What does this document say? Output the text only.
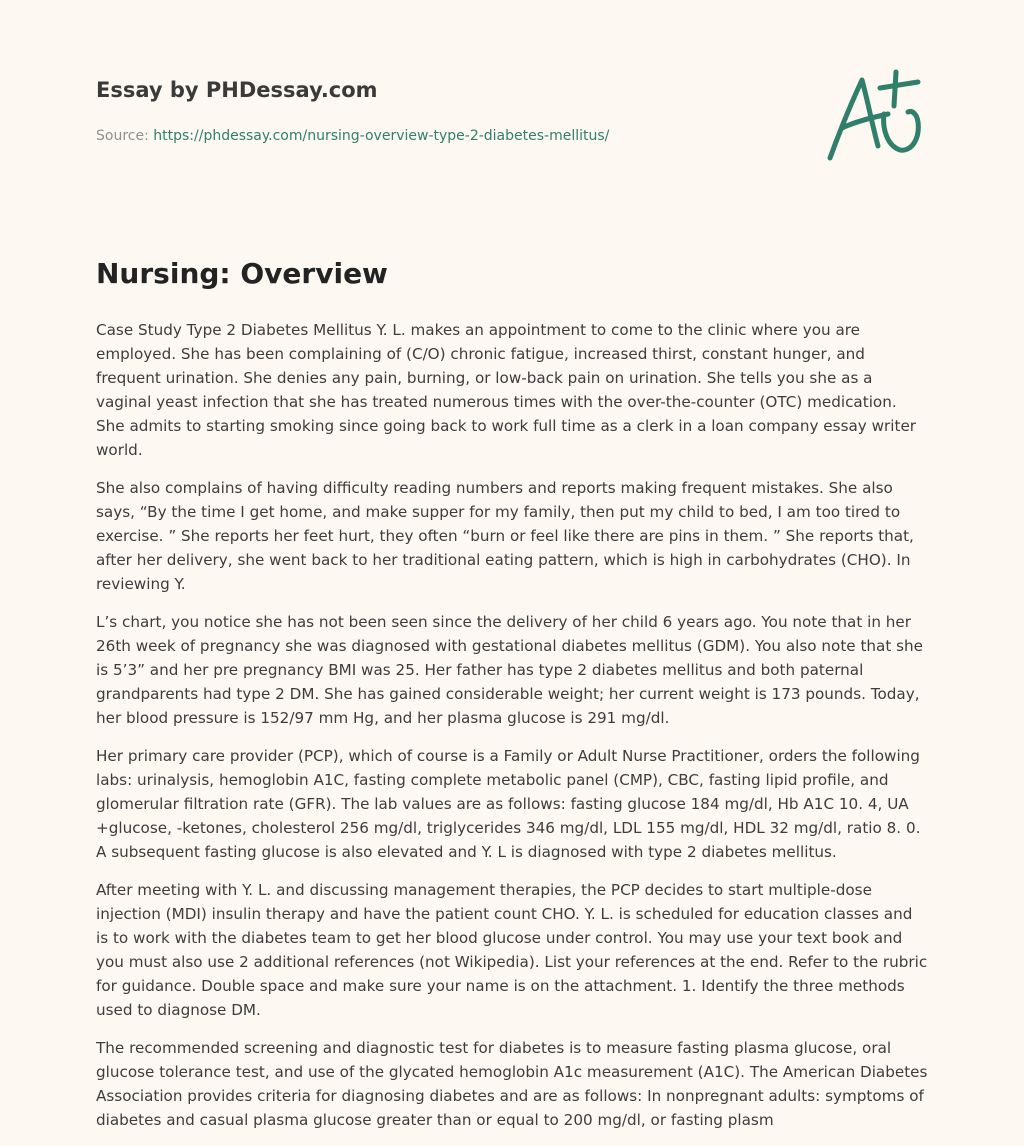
Essay by PHDessay.com
Source: https://phdessay.com/nursing-overview-type-2-diabetes-mellitus/
Nursing: Overview

Case Study Type 2 Diabetes Mellitus Y. L. makes an appointment to come to the clinic where you are employed. She has been complaining of (C/O) chronic fatigue, increased thirst, constant hunger, and frequent urination. She denies any pain, burning, or low-back pain on urination. She tells you she as a vaginal yeast infection that she has treated numerous times with the over-the-counter (OTC) medication. She admits to starting smoking since going back to work full time as a clerk in a loan company essay writer world.

She also complains of having difficulty reading numbers and reports making frequent mistakes. She also says, “By the time I get home, and make supper for my family, then put my child to bed, I am too tired to exercise. ” She reports her feet hurt, they often “burn or feel like there are pins in them. ” She reports that, after her delivery, she went back to her traditional eating pattern, which is high in carbohydrates (CHO). In reviewing Y.

L’s chart, you notice she has not been seen since the delivery of her child 6 years ago. You note that in her 26th week of pregnancy she was diagnosed with gestational diabetes mellitus (GDM). You also note that she is 5’3” and her pre pregnancy BMI was 25. Her father has type 2 diabetes mellitus and both paternal grandparents had type 2 DM. She has gained considerable weight; her current weight is 173 pounds. Today, her blood pressure is 152/97 mm Hg, and her plasma glucose is 291 mg/dl.

Her primary care provider (PCP), which of course is a Family or Adult Nurse Practitioner, orders the following labs: urinalysis, hemoglobin A1C, fasting complete metabolic panel (CMP), CBC, fasting lipid profile, and glomerular filtration rate (GFR). The lab values are as follows: fasting glucose 184 mg/dl, Hb A1C 10. 4, UA +glucose, -ketones, cholesterol 256 mg/dl, triglycerides 346 mg/dl, LDL 155 mg/dl, HDL 32 mg/dl, ratio 8. 0. A subsequent fasting glucose is also elevated and Y. L is diagnosed with type 2 diabetes mellitus.

After meeting with Y. L. and discussing management therapies, the PCP decides to start multiple-dose injection (MDI) insulin therapy and have the patient count CHO. Y. L. is scheduled for education classes and is to work with the diabetes team to get her blood glucose under control. You may use your text book and you must also use 2 additional references (not Wikipedia). List your references at the end. Refer to the rubric for guidance. Double space and make sure your name is on the attachment. 1. Identify the three methods used to diagnose DM.

The recommended screening and diagnostic test for diabetes is to measure fasting plasma glucose, oral glucose tolerance test, and use of the glycated hemoglobin A1c measurement (A1C). The American Diabetes Association provides criteria for diagnosing diabetes and are as follows: In nonpregnant adults: symptoms of diabetes and casual plasma glucose greater than or equal to 200 mg/dl, or fasting plasm
